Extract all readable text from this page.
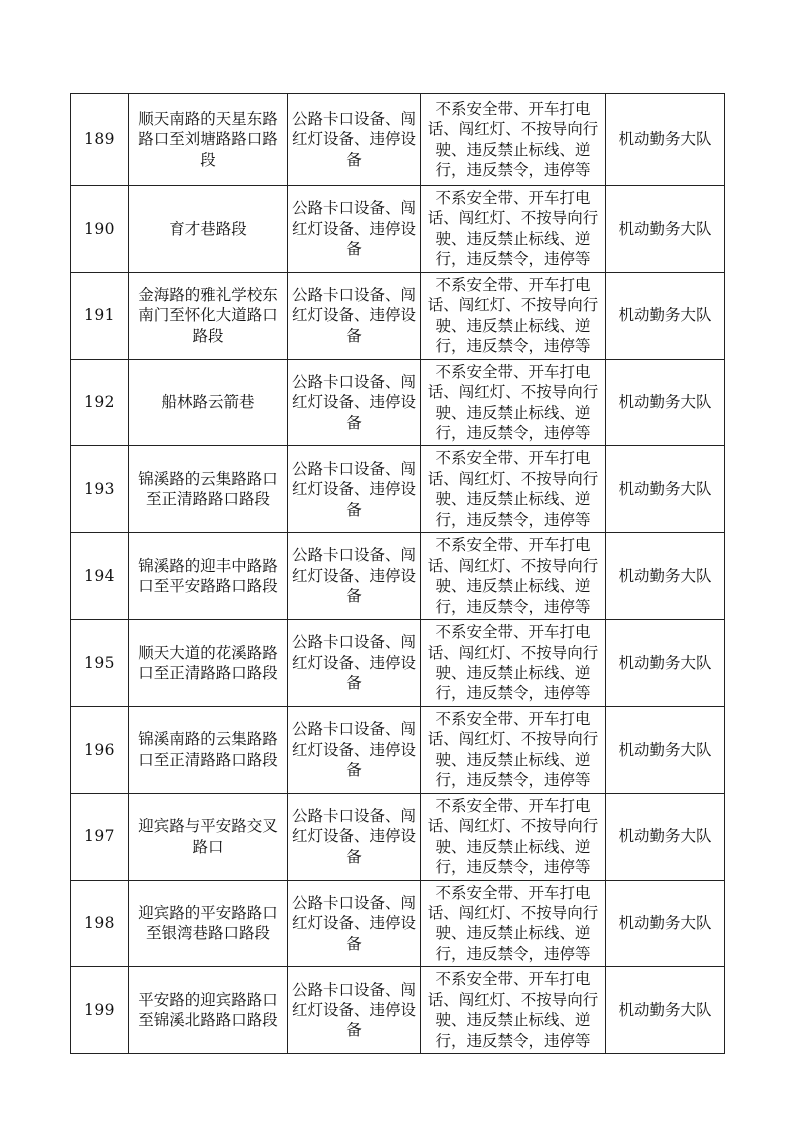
189	顺天南路的天星东路路口至刘塘路路口路段	公路卡口设备、闯红灯设备、违停设备	不系安全带、开车打电话、闯红灯、不按导向行驶、违反禁止标线、逆行，违反禁令，违停等	机动勤务大队
190	育才巷路段	公路卡口设备、闯红灯设备、违停设备	不系安全带、开车打电话、闯红灯、不按导向行驶、违反禁止标线、逆行，违反禁令，违停等	机动勤务大队
191	金海路的雅礼学校东南门至怀化大道路口路段	公路卡口设备、闯红灯设备、违停设备	不系安全带、开车打电话、闯红灯、不按导向行驶、违反禁止标线、逆行，违反禁令，违停等	机动勤务大队
192	船林路云箭巷	公路卡口设备、闯红灯设备、违停设备	不系安全带、开车打电话、闯红灯、不按导向行驶、违反禁止标线、逆行，违反禁令，违停等	机动勤务大队
193	锦溪路的云集路路口至正清路路口路段	公路卡口设备、闯红灯设备、违停设备	不系安全带、开车打电话、闯红灯、不按导向行驶、违反禁止标线、逆行，违反禁令，违停等	机动勤务大队
194	锦溪路的迎丰中路路口至平安路路口路段	公路卡口设备、闯红灯设备、违停设备	不系安全带、开车打电话、闯红灯、不按导向行驶、违反禁止标线、逆行，违反禁令，违停等	机动勤务大队
195	顺天大道的花溪路路口至正清路路口路段	公路卡口设备、闯红灯设备、违停设备	不系安全带、开车打电话、闯红灯、不按导向行驶、违反禁止标线、逆行，违反禁令，违停等	机动勤务大队
196	锦溪南路的云集路路口至正清路路口路段	公路卡口设备、闯红灯设备、违停设备	不系安全带、开车打电话、闯红灯、不按导向行驶、违反禁止标线、逆行，违反禁令，违停等	机动勤务大队
197	迎宾路与平安路交叉路口	公路卡口设备、闯红灯设备、违停设备	不系安全带、开车打电话、闯红灯、不按导向行驶、违反禁止标线、逆行，违反禁令，违停等	机动勤务大队
198	迎宾路的平安路路口至银湾巷路口路段	公路卡口设备、闯红灯设备、违停设备	不系安全带、开车打电话、闯红灯、不按导向行驶、违反禁止标线、逆行，违反禁令，违停等	机动勤务大队
199	平安路的迎宾路路口至锦溪北路路口路段	公路卡口设备、闯红灯设备、违停设备	不系安全带、开车打电话、闯红灯、不按导向行驶、违反禁止标线、逆行，违反禁令，违停等	机动勤务大队
